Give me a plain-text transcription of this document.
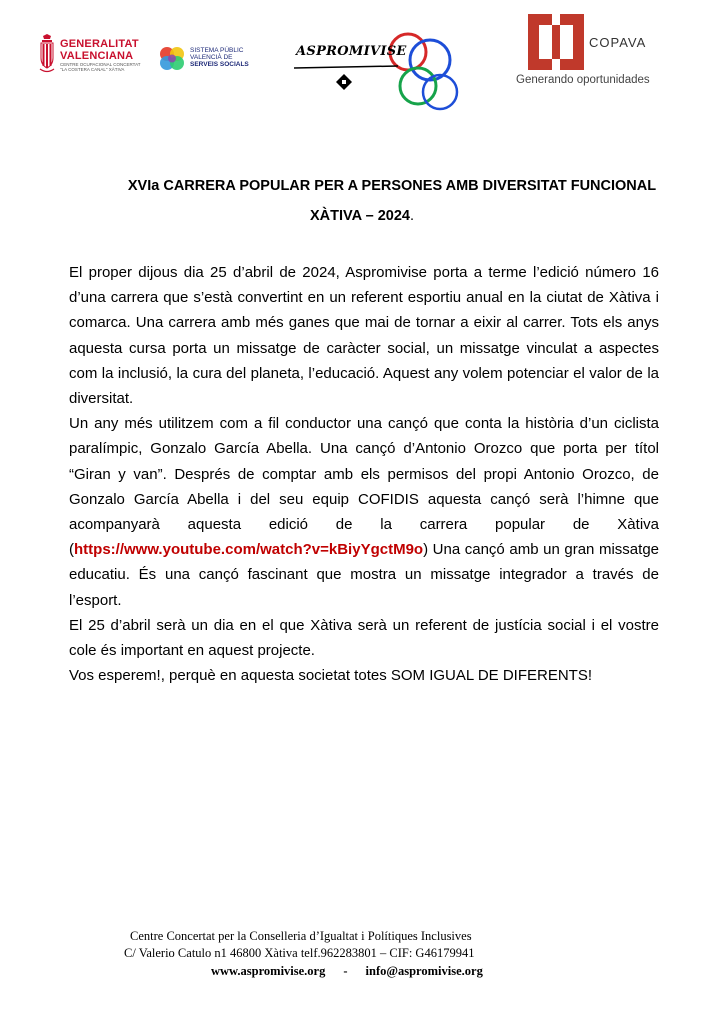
GENERALITAT
VALENCIANA
CENTRE OCUPACIONAL CONCERTAT
"LA COSTERA CANAL" XÀTIVA
SISTEMA PÚBLIC
VALENCIÀ DE
SERVEIS SOCIALS
ASPROMIVISE
COPAVA
Generando oportunidades
XVIa CARRERA POPULAR PER A PERSONES AMB DIVERSITAT FUNCIONAL
XÀTIVA – 2024.

El proper dijous dia 25 d’abril de 2024, Aspromivise porta a terme l’edició número 16 d’una carrera que s’està convertint en un referent esportiu anual en la ciutat de Xàtiva i comarca. Una carrera amb més ganes que mai de tornar a eixir al carrer. Tots els anys aquesta cursa porta un missatge de caràcter social, un missatge vinculat a aspectes com la inclusió, la cura del planeta, l’educació. Aquest any volem potenciar el valor de la diversitat.

Un any més utilitzem com a fil conductor una cançó que conta la història d’un ciclista paralímpic, Gonzalo García Abella. Una cançó d’Antonio Orozco que porta per títol “Giran y van”. Després de comptar amb els permisos del propi Antonio Orozco, de Gonzalo García Abella i del seu equip COFIDIS aquesta cançó serà l’himne que acompanyarà aquesta edició de la carrera popular de Xàtiva (https://www.youtube.com/watch?v=kBiyYgctM9o) Una cançó amb un gran missatge educatiu. És una cançó fascinant que mostra un missatge integrador a través de l’esport.

El 25 d’abril serà un dia en el que Xàtiva serà un referent de justícia social i el vostre cole és important en aquest projecte.

Vos esperem!, perquè en aquesta societat totes SOM IGUAL DE DIFERENTS!

Centre Concertat per la Conselleria d’Igualtat i Polítiques Inclusives
C/ Valerio Catulo n1 46800 Xàtiva telf.962283801 – CIF: G46179941
www.aspromivise.org - info@aspromivise.org
